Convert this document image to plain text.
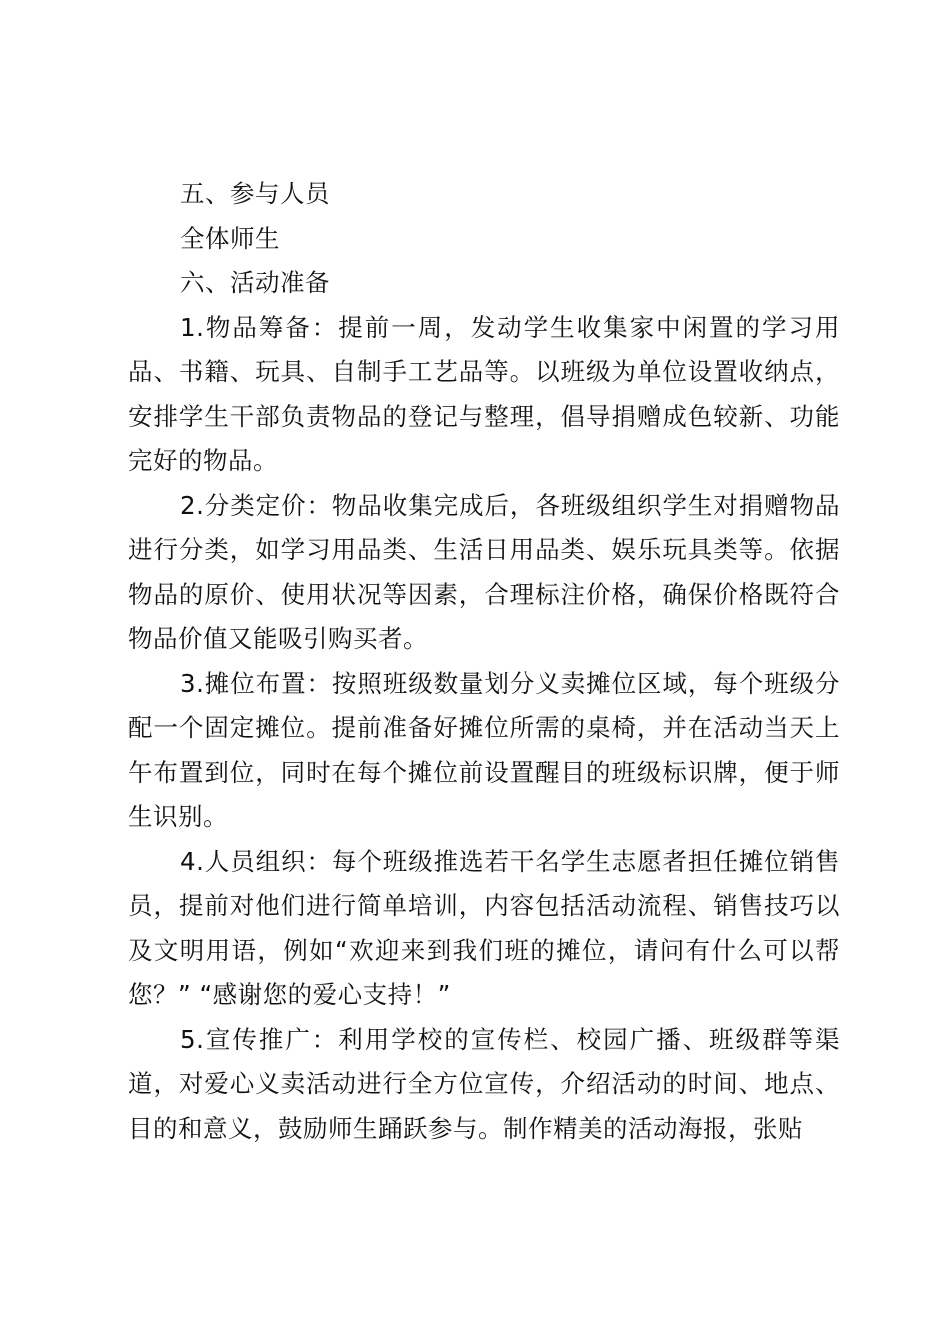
五、参与人员

全体师生

六、活动准备

1.物品筹备：提前一周，发动学生收集家中闲置的学习用品、书籍、玩具、自制手工艺品等。以班级为单位设置收纳点，安排学生干部负责物品的登记与整理，倡导捐赠成色较新、功能完好的物品。

2.分类定价：物品收集完成后，各班级组织学生对捐赠物品进行分类，如学习用品类、生活日用品类、娱乐玩具类等。依据物品的原价、使用状况等因素，合理标注价格，确保价格既符合物品价值又能吸引购买者。

3.摊位布置：按照班级数量划分义卖摊位区域，每个班级分配一个固定摊位。提前准备好摊位所需的桌椅，并在活动当天上午布置到位，同时在每个摊位前设置醒目的班级标识牌，便于师生识别。

4.人员组织：每个班级推选若干名学生志愿者担任摊位销售员，提前对他们进行简单培训，内容包括活动流程、销售技巧以及文明用语，例如“欢迎来到我们班的摊位，请问有什么可以帮您？” “感谢您的爱心支持！”

5.宣传推广：利用学校的宣传栏、校园广播、班级群等渠道，对爱心义卖活动进行全方位宣传，介绍活动的时间、地点、目的和意义，鼓励师生踊跃参与。制作精美的活动海报，张贴
